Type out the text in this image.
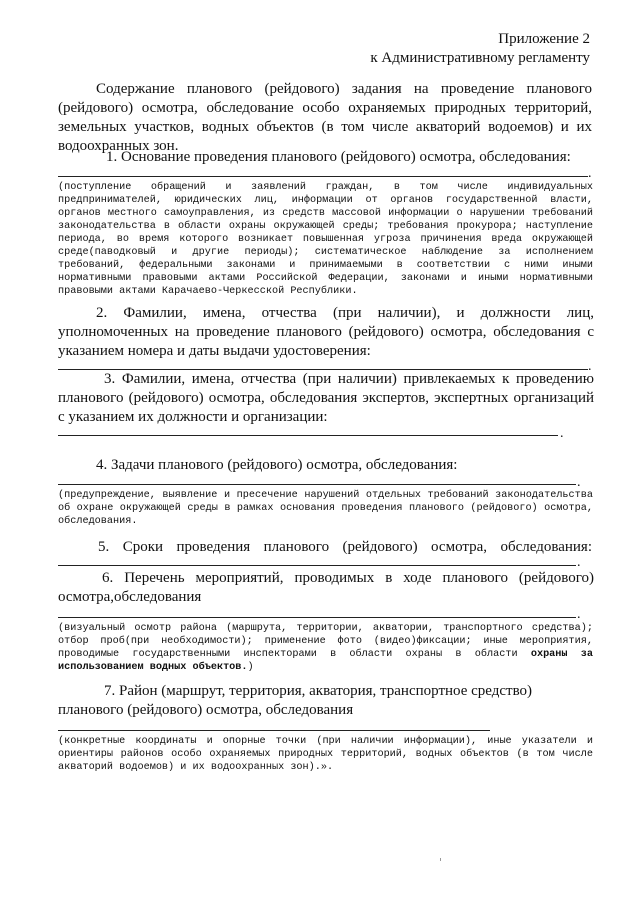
Приложение 2
к Административному регламенту
Содержание планового (рейдового) задания на проведение планового (рейдового) осмотра, обследование особо охраняемых природных территорий, земельных участков, водных объектов (в том числе акваторий водоемов) и их водоохранных зон.
1. Основание проведения планового (рейдового) осмотра, обследования:
.
(поступление обращений и заявлений граждан, в том числе индивидуальных предпринимателей, юридических лиц, информации от органов государственной власти, органов местного самоуправления, из средств массовой информации о нарушении требований законодательства в области охраны окружающей среды; требования прокурора; наступление периода, во время которого возникает повышенная угроза причинения вреда окружающей среде(паводковый и другие периоды); систематическое наблюдение за исполнением требований, федеральными законами и принимаемыми в соответствии с ними иными нормативными правовыми актами Российской Федерации, законами и иными нормативными правовыми актами Карачаево-Черкесской Республики.
2. Фамилии, имена, отчества (при наличии), и должности лиц, уполномоченных на проведение планового (рейдового) осмотра, обследования с указанием номера и даты выдачи удостоверения:
.
3. Фамилии, имена, отчества (при наличии) привлекаемых к проведению планового (рейдового) осмотра, обследования экспертов, экспертных организаций с указанием их должности и организации:
.
4. Задачи планового (рейдового) осмотра, обследования:
.
(предупреждение, выявление и пресечение нарушений отдельных требований законодательства об охране окружающей среды в рамках основания проведения планового (рейдового) осмотра, обследования.
5. Сроки проведения планового (рейдового) осмотра, обследования:
.
6. Перечень мероприятий, проводимых в ходе планового (рейдового) осмотра,обследования
.
(визуальный осмотр района (маршрута, территории, акватории, транспортного средства); отбор проб(при необходимости); применение фото (видео)фиксации; иные мероприятия, проводимые государственными инспекторами в области охраны в области охраны за использованием водных объектов.)
7. Район (маршрут, территория, акватория, транспортное средство) планового (рейдового) осмотра, обследования
(конкретные координаты и опорные точки (при наличии информации), иные указатели и ориентиры районов особо охраняемых природных территорий, водных объектов (в том числе акваторий водоемов) и их водоохранных зон).».
